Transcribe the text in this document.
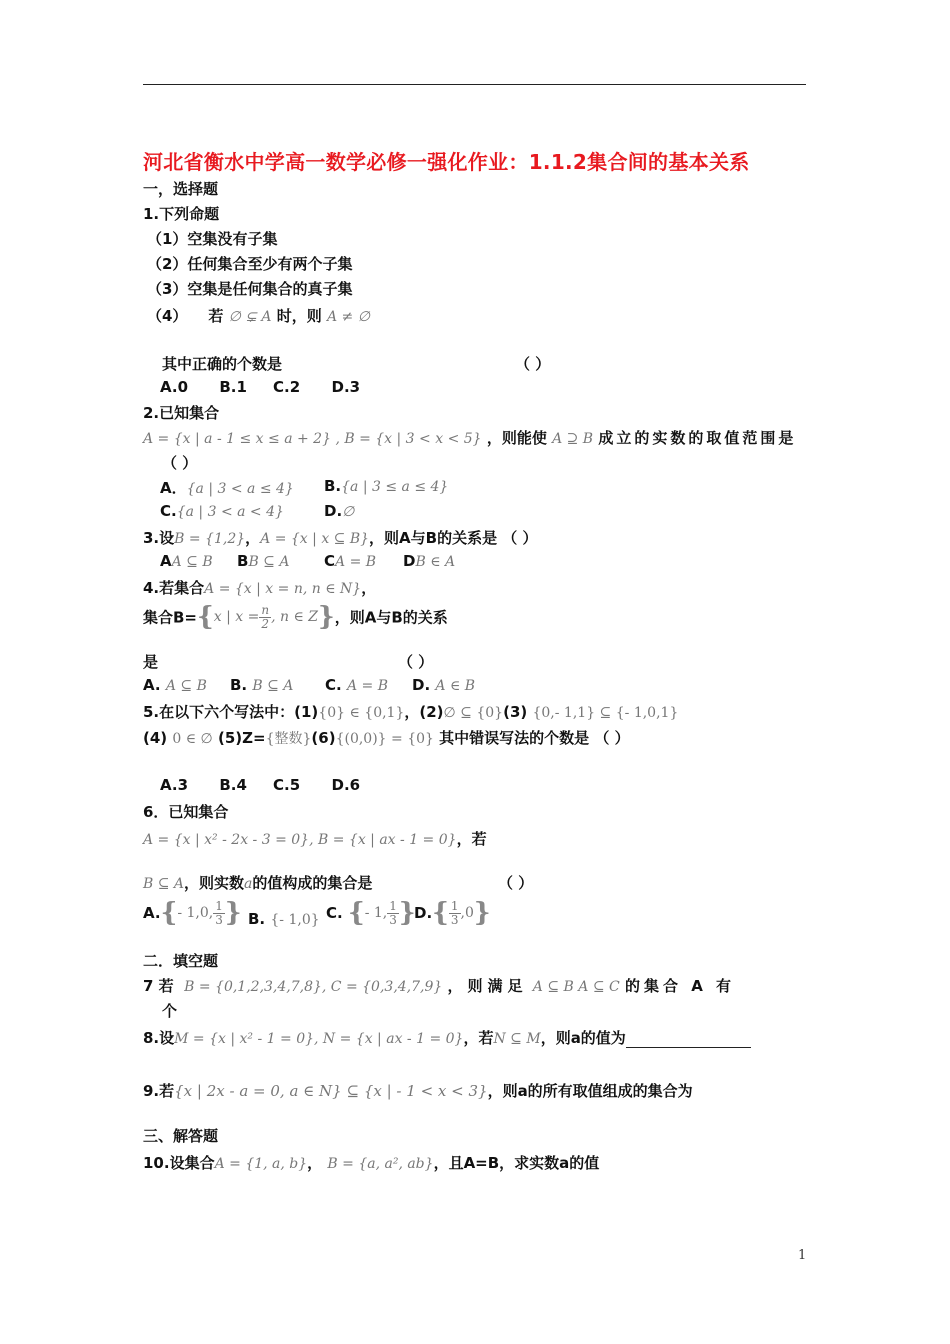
河北省衡水中学高一数学必修一强化作业：1.1.2集合间的基本关系
一，选择题
1.下列命题
（1）空集没有子集
（2）任何集合至少有两个子集
（3）空集是任何集合的真子集
（4） 若 ∅ ⊊ A 时，则 A ≠ ∅
其中正确的个数是	（ ）
A.0      B.1     C.2      D.3
2.已知集合
A = {x | a - 1 ≤ x ≤ a + 2} , B = {x | 3 < x < 5} ，则能使 A ⊇ B 成立的实数的取值范围是
（ ）
A．{a | 3 < a ≤ 4} B.{a | 3 ≤ a ≤ 4}
C.{a | 3 < a < 4}	D.∅
3.设B = {1,2}，A = {x | x ⊆ B}，则A与B的关系是 （ ）
AA ⊆ B BB ⊆ A CA = B DB ∈ A
4.若集合A = {x | x = n, n ∈ N}，
集合B={x | $x = \frac{n}{2}$ , n ∈ Z}，则A与B的关系
是	（ ）
A. A ⊆ B B. B ⊆ A C. A = B D. A ∈ B
5.在以下六个写法中：(1){0} ∈ {0,1}，(2)∅ ⊆ {0}(3) {0,- 1,1} ⊆ {- 1,0,1}
(4) 0 ∈ ∅ (5)Z={整数}(6){(0,0)} = {0} 其中错误写法的个数是 （ ）
A.3      B.4     C.5      D.6
6．已知集合
A = {x | x² - 2x - 3 = 0}, B = {x | ax - 1 = 0}，若
B ⊆ A，则实数a的值构成的集合是	（ ）
A.{- 1,0, $\frac{1}{3}$ } B. {- 1,0} C. {- 1, $\frac{1}{3}$ }
$D.\{ \frac{1}{3} ,0\}$
二．填空题
7 若 B = {0,1,2,3,4,7,8}, C = {0,3,4,7,9} ，则满足 A ⊆ B A ⊆ C 的集合 A 有
个
8.设M = {x | x² - 1 = 0}, N = {x | ax - 1 = 0}，若N ⊆ M，则a的值为
9.若{x | 2x - a = 0, a ∈ N} ⊆ {x | - 1 < x < 3}，则a的所有取值组成的集合为
三、解答题
10.设集合A = {1, a, b}， B = {a, a², ab}，且A=B，求实数a的值
1
